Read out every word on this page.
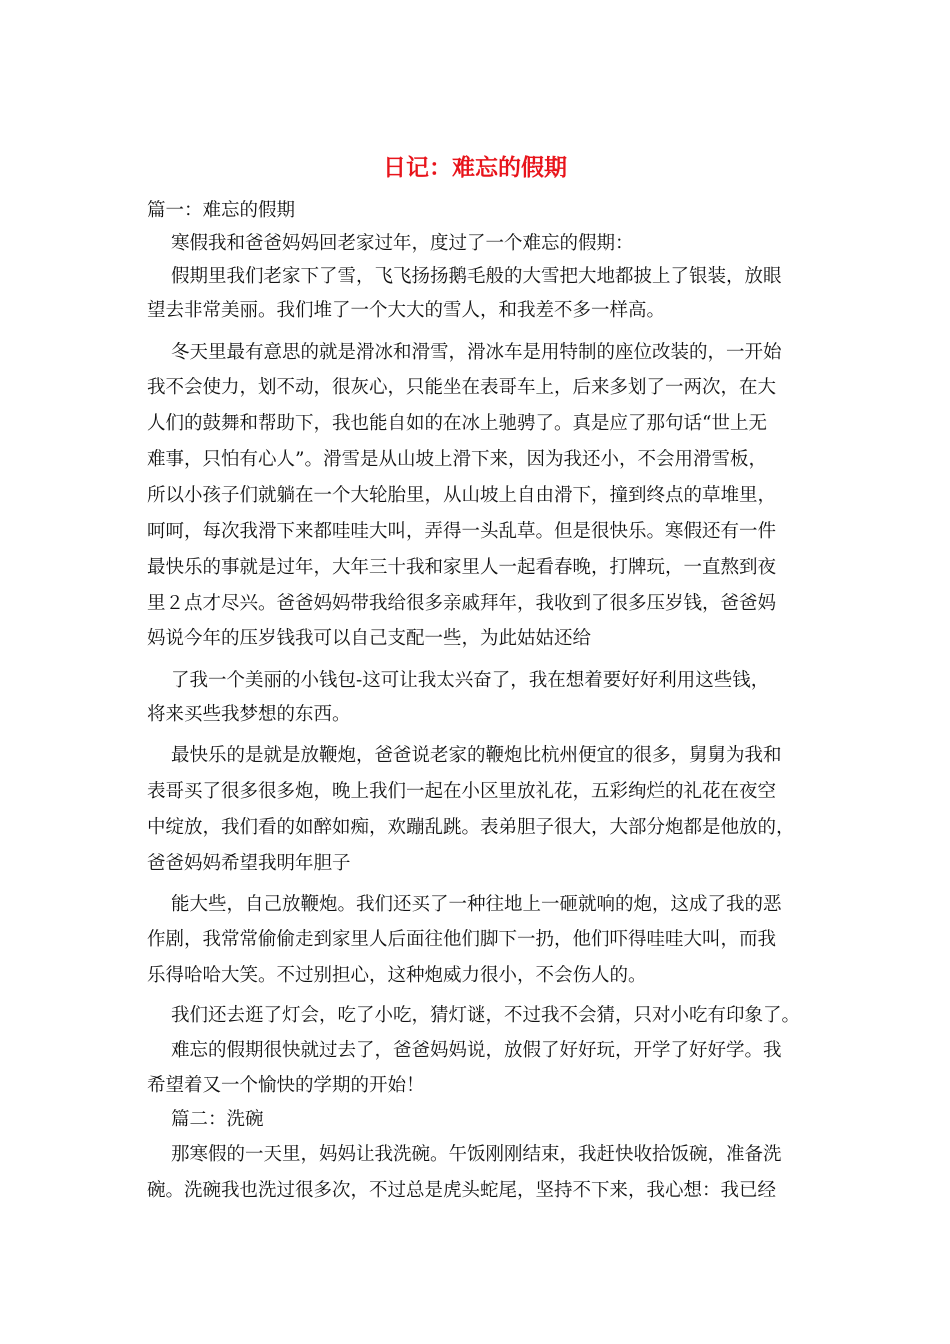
日记：难忘的假期

篇一：难忘的假期

寒假我和爸爸妈妈回老家过年，度过了一个难忘的假期：

假期里我们老家下了雪，飞飞扬扬鹅毛般的大雪把大地都披上了银装，放眼

望去非常美丽。我们堆了一个大大的雪人，和我差不多一样高。

冬天里最有意思的就是滑冰和滑雪，滑冰车是用特制的座位改装的，一开始

我不会使力，划不动，很灰心，只能坐在表哥车上，后来多划了一两次，在大

人们的鼓舞和帮助下，我也能自如的在冰上驰骋了。真是应了那句话“世上无

难事，只怕有心人”。滑雪是从山坡上滑下来，因为我还小，不会用滑雪板，

所以小孩子们就躺在一个大轮胎里，从山坡上自由滑下，撞到终点的草堆里，

呵呵，每次我滑下来都哇哇大叫，弄得一头乱草。但是很快乐。寒假还有一件

最快乐的事就是过年，大年三十我和家里人一起看春晚，打牌玩，一直熬到夜

里２点才尽兴。爸爸妈妈带我给很多亲戚拜年，我收到了很多压岁钱，爸爸妈

妈说今年的压岁钱我可以自己支配一些，为此姑姑还给

了我一个美丽的小钱包-这可让我太兴奋了，我在想着要好好利用这些钱，

将来买些我梦想的东西。

最快乐的是就是放鞭炮，爸爸说老家的鞭炮比杭州便宜的很多，舅舅为我和

表哥买了很多很多炮，晚上我们一起在小区里放礼花，五彩绚烂的礼花在夜空

中绽放，我们看的如醉如痴，欢蹦乱跳。表弟胆子很大，大部分炮都是他放的，

爸爸妈妈希望我明年胆子

能大些，自己放鞭炮。我们还买了一种往地上一砸就响的炮，这成了我的恶

作剧，我常常偷偷走到家里人后面往他们脚下一扔，他们吓得哇哇大叫，而我

乐得哈哈大笑。不过别担心，这种炮威力很小，不会伤人的。

我们还去逛了灯会，吃了小吃，猜灯谜，不过我不会猜，只对小吃有印象了。

难忘的假期很快就过去了，爸爸妈妈说，放假了好好玩，开学了好好学。我

希望着又一个愉快的学期的开始！

篇二：洗碗

那寒假的一天里，妈妈让我洗碗。午饭刚刚结束，我赶快收拾饭碗，准备洗

碗。洗碗我也洗过很多次，不过总是虎头蛇尾，坚持不下来，我心想：我已经
